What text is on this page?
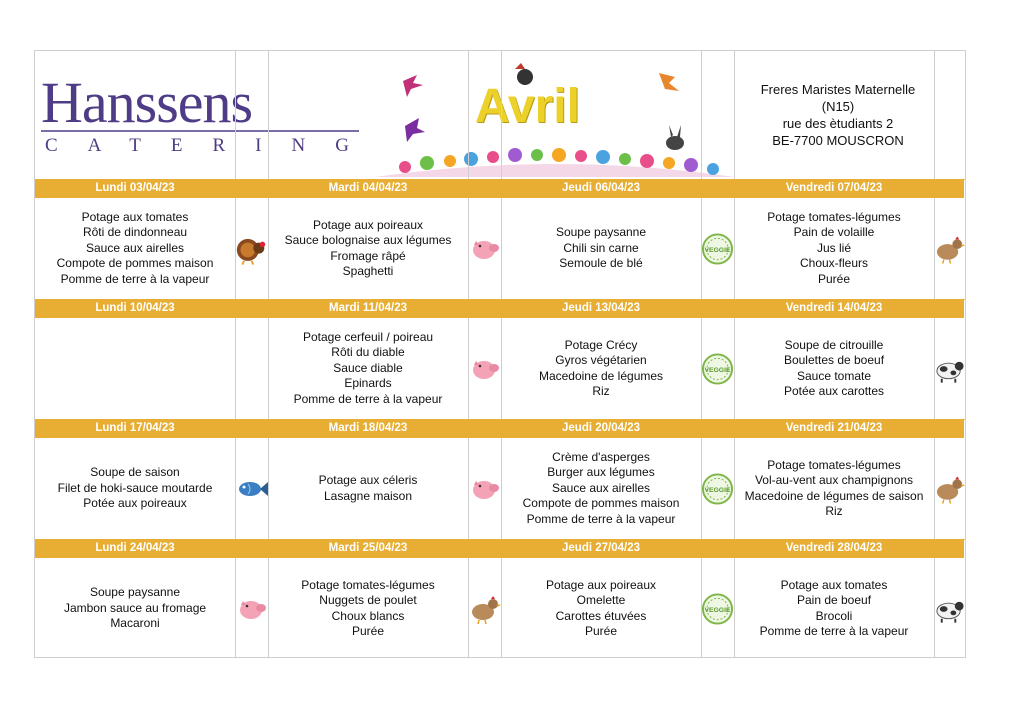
Hanssens
CATERING
Avril	Freres Maristes Maternelle
(N15)
rue des ètudiants 2
BE-7700 MOUSCRON
Lundi 03/04/23
Potage aux tomates
Rôti de dindonneau
Sauce aux airelles
Compote de pommes maison
Pomme de terre à la vapeur
Mardi 04/04/23
Potage aux poireaux
Sauce bolognaise aux légumes
Fromage râpé
Spaghetti
Jeudi 06/04/23
Soupe paysanne
Chili sin carne
Semoule de blé
VEGGIE
Vendredi 07/04/23
Potage tomates-légumes
Pain de volaille
Jus lié
Choux-fleurs
Purée
Lundi 10/04/23	Mardi 11/04/23
Potage cerfeuil / poireau
Rôti du diable
Sauce diable
Epinards
Pomme de terre à la vapeur
Jeudi 13/04/23
Potage Crécy
Gyros végétarien
Macedoine de légumes
Riz
VEGGIE
Vendredi 14/04/23
Soupe de citrouille
Boulettes de boeuf
Sauce tomate
Potée aux carottes
Lundi 17/04/23
Soupe de saison
Filet de hoki-sauce moutarde
Potée aux poireaux
Mardi 18/04/23
Potage aux céleris
Lasagne maison
Jeudi 20/04/23
Crème d'asperges
Burger aux légumes
Sauce aux airelles
Compote de pommes maison
Pomme de terre à la vapeur
VEGGIE
Vendredi 21/04/23
Potage tomates-légumes
Vol-au-vent aux champignons
Macedoine de légumes de saison
Riz
Lundi 24/04/23
Soupe paysanne
Jambon sauce au fromage
Macaroni
Mardi 25/04/23
Potage tomates-légumes
Nuggets de poulet
Choux blancs
Purée
Jeudi 27/04/23
Potage aux poireaux
Omelette
Carottes étuvées
Purée
VEGGIE
Vendredi 28/04/23
Potage aux tomates
Pain de boeuf
Brocoli
Pomme de terre à la vapeur
